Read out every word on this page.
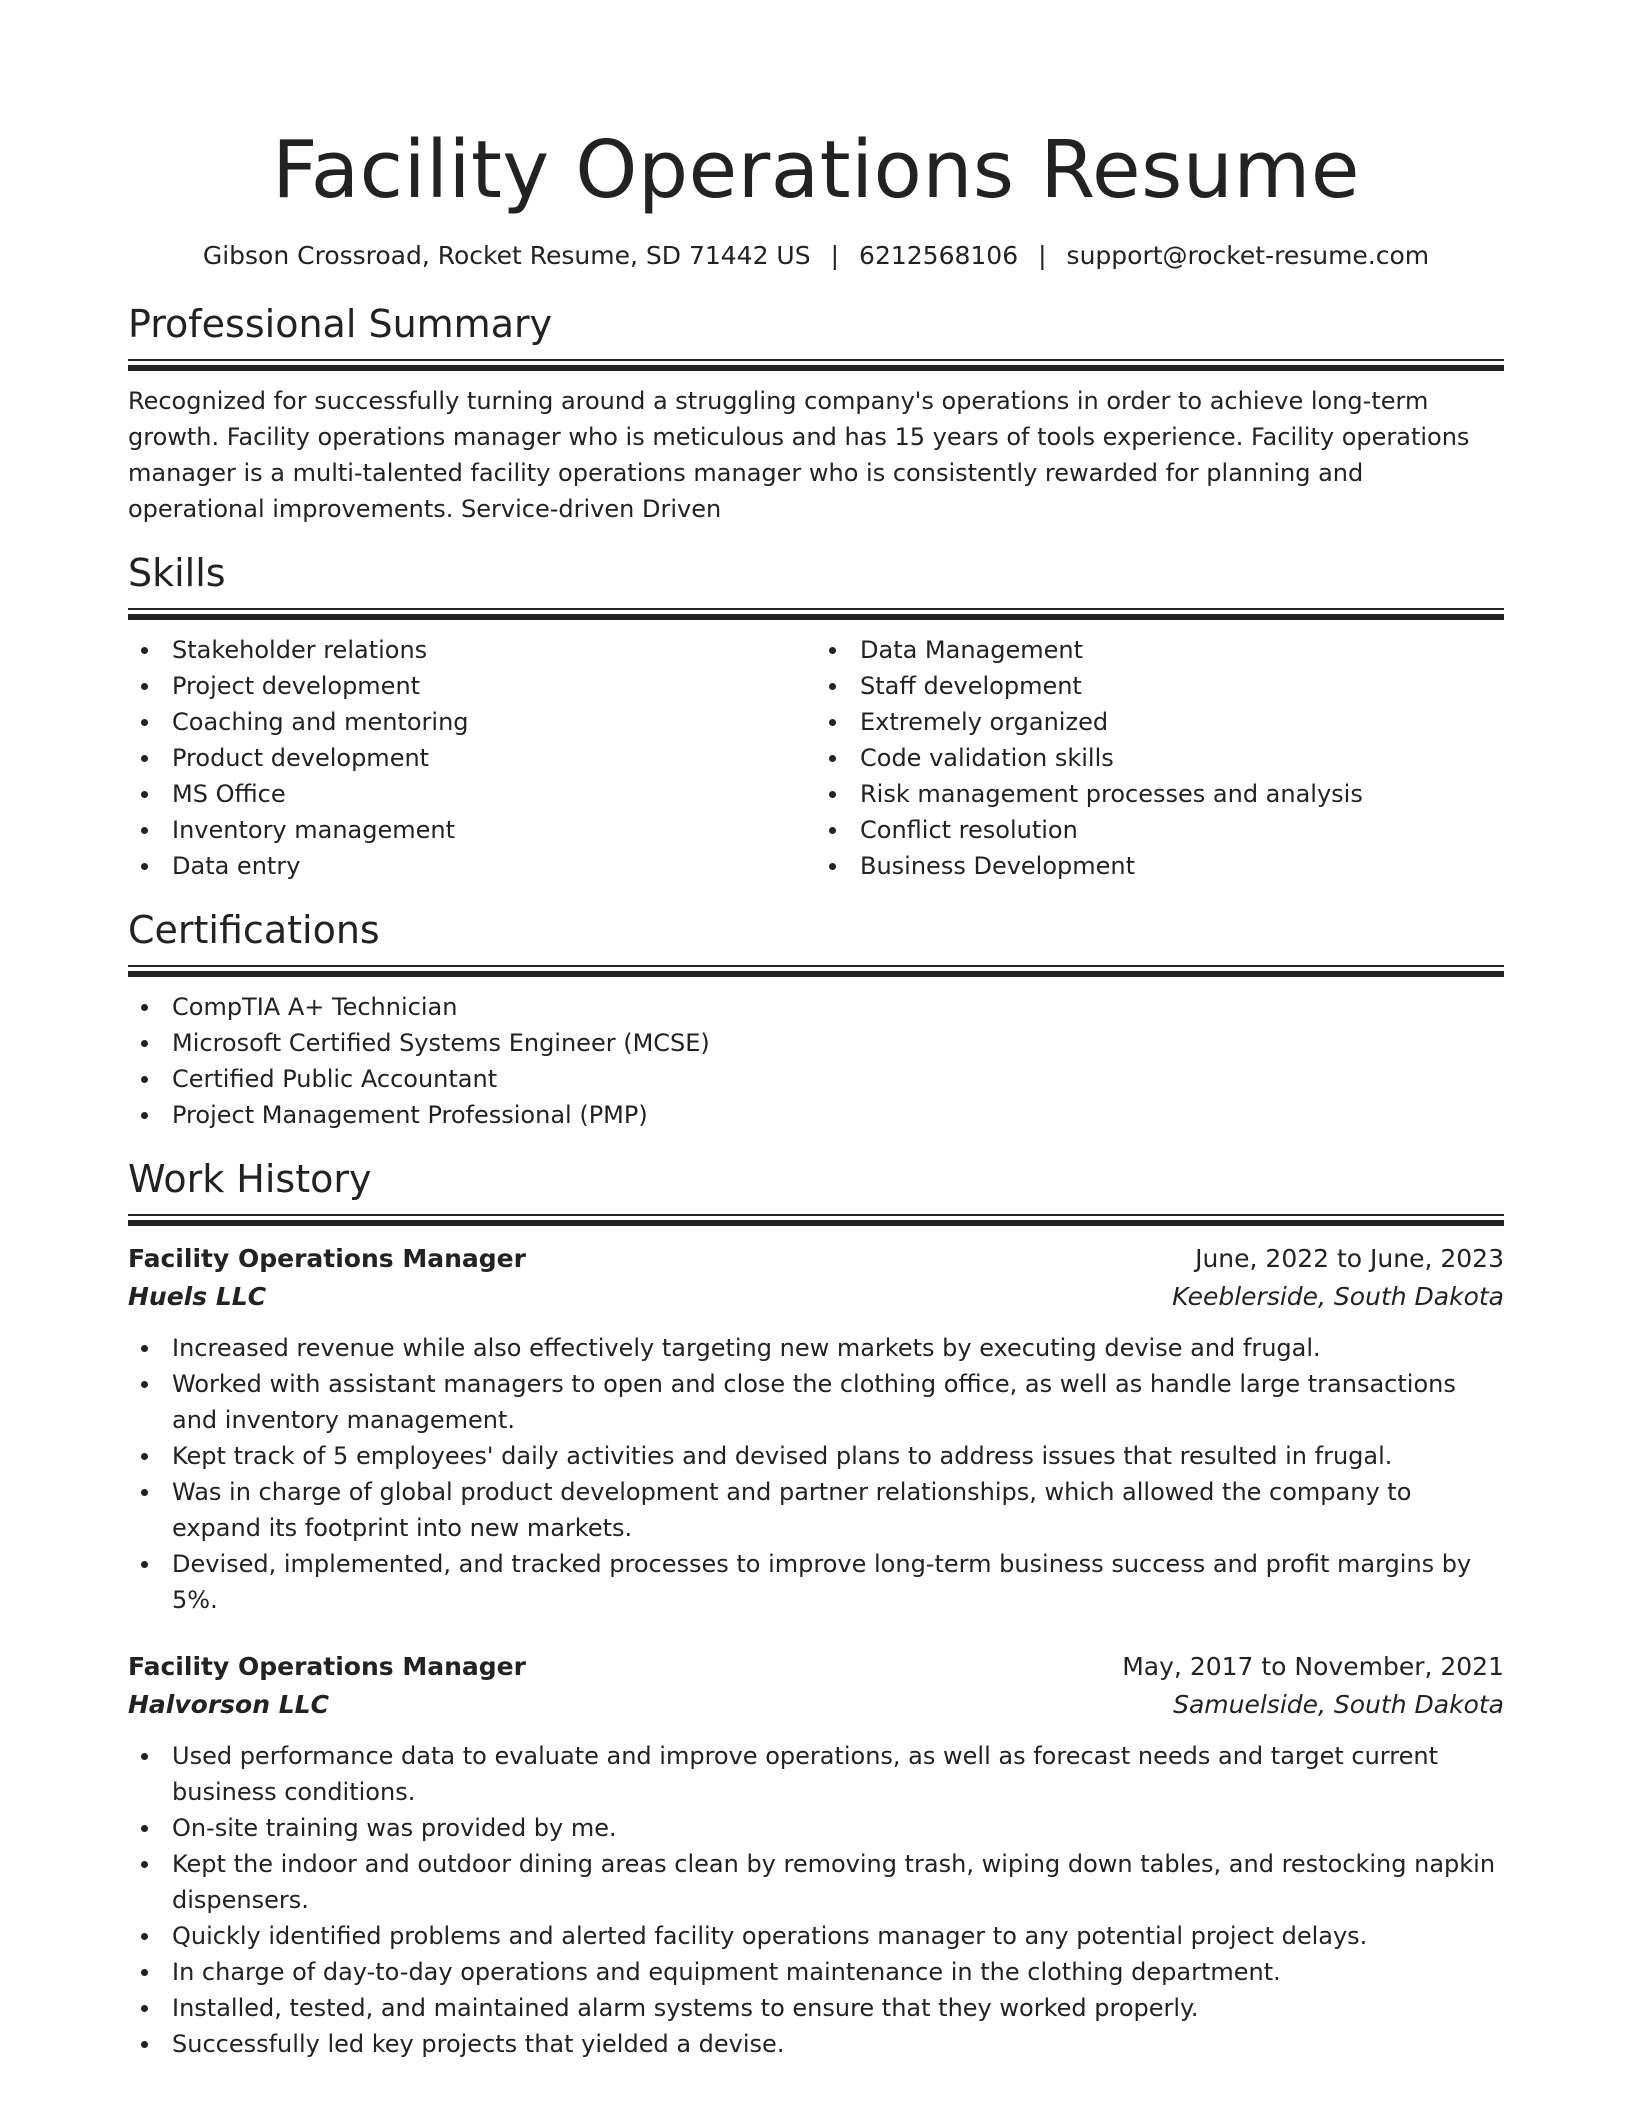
Facility Operations Resume
Gibson Crossroad, Rocket Resume, SD 71442 US | 6212568106 | support@rocket-resume.com
Professional Summary

Recognized for successfully turning around a struggling company's operations in order to achieve long-term growth. Facility operations manager who is meticulous and has 15 years of tools experience. Facility operations manager is a multi-talented facility operations manager who is consistently rewarded for planning and operational improvements. Service-driven Driven

Skills
Stakeholder relations
Project development
Coaching and mentoring
Product development
MS Office
Inventory management
Data entry
Data Management
Staff development
Extremely organized
Code validation skills
Risk management processes and analysis
Conflict resolution
Business Development
Certifications
CompTIA A+ Technician
Microsoft Certified Systems Engineer (MCSE)
Certified Public Accountant
Project Management Professional (PMP)
Work History
Facility Operations Manager	June, 2022 to June, 2023
Huels LLC	Keeblerside, South Dakota
Increased revenue while also effectively targeting new markets by executing devise and frugal.
Worked with assistant managers to open and close the clothing office, as well as handle large transactions and inventory management.
Kept track of 5 employees' daily activities and devised plans to address issues that resulted in frugal.
Was in charge of global product development and partner relationships, which allowed the company to expand its footprint into new markets.
Devised, implemented, and tracked processes to improve long-term business success and profit margins by 5%.
Facility Operations Manager	May, 2017 to November, 2021
Halvorson LLC	Samuelside, South Dakota
Used performance data to evaluate and improve operations, as well as forecast needs and target current business conditions.
On-site training was provided by me.
Kept the indoor and outdoor dining areas clean by removing trash, wiping down tables, and restocking napkin dispensers.
Quickly identified problems and alerted facility operations manager to any potential project delays.
In charge of day-to-day operations and equipment maintenance in the clothing department.
Installed, tested, and maintained alarm systems to ensure that they worked properly.
Successfully led key projects that yielded a devise.
